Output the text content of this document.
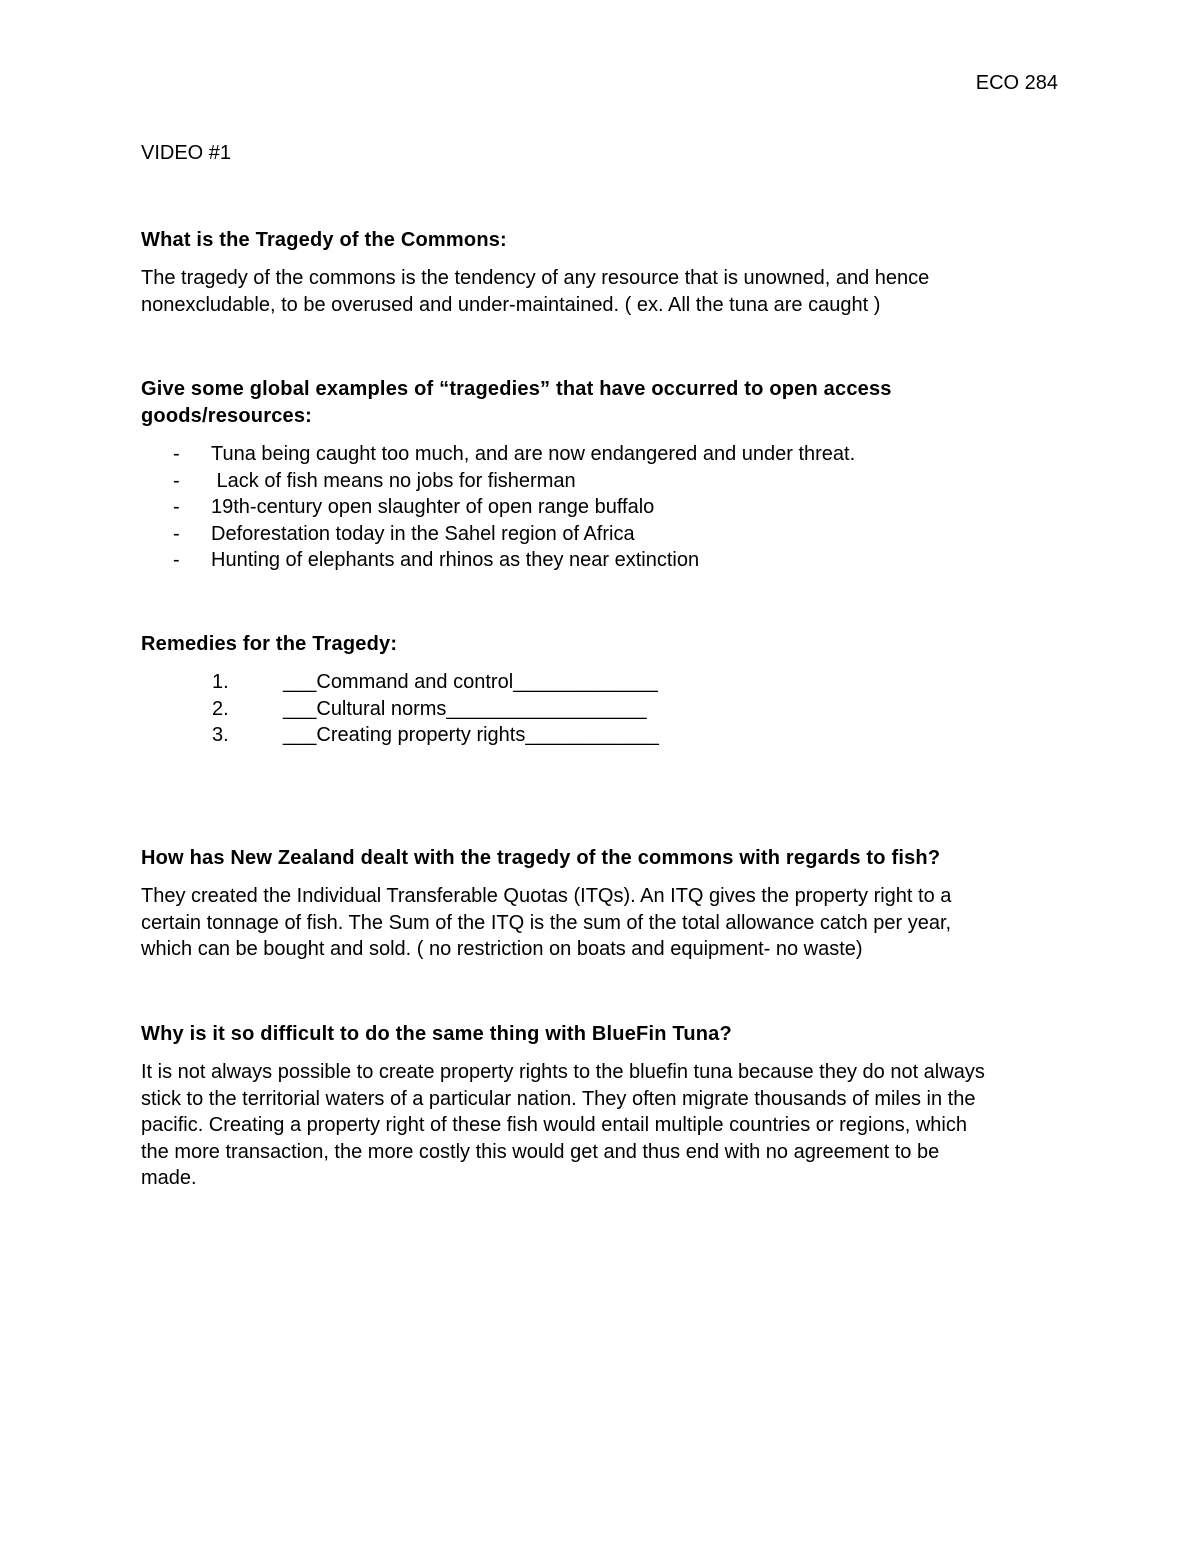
ECO 284

VIDEO #1

What is the Tragedy of the Commons:

The tragedy of the commons is the tendency of any resource that is unowned, and hence
nonexcludable, to be overused and under-maintained. ( ex. All the tuna are caught )
Give some global examples of “tragedies” that have occurred to open access
goods/resources:
- Tuna being caught too much, and are now endangered and under threat.
- Lack of fish means no jobs for fisherman
- 19th-century open slaughter of open range buffalo
- Deforestation today in the Sahel region of Africa
- Hunting of elephants and rhinos as they near extinction

Remedies for the Tragedy:

1.	___Command and control_____________
2.	___Cultural norms__________________
3.	___Creating property rights____________

How has New Zealand dealt with the tragedy of the commons with regards to fish?

They created the Individual Transferable Quotas (ITQs). An ITQ gives the property right to a
certain tonnage of fish. The Sum of the ITQ is the sum of the total allowance catch per year,
which can be bought and sold. ( no restriction on boats and equipment- no waste)

Why is it so difficult to do the same thing with BlueFin Tuna?

It is not always possible to create property rights to the bluefin tuna because they do not always
stick to the territorial waters of a particular nation. They often migrate thousands of miles in the
pacific. Creating a property right of these fish would entail multiple countries or regions, which
the more transaction, the more costly this would get and thus end with no agreement to be
made.
